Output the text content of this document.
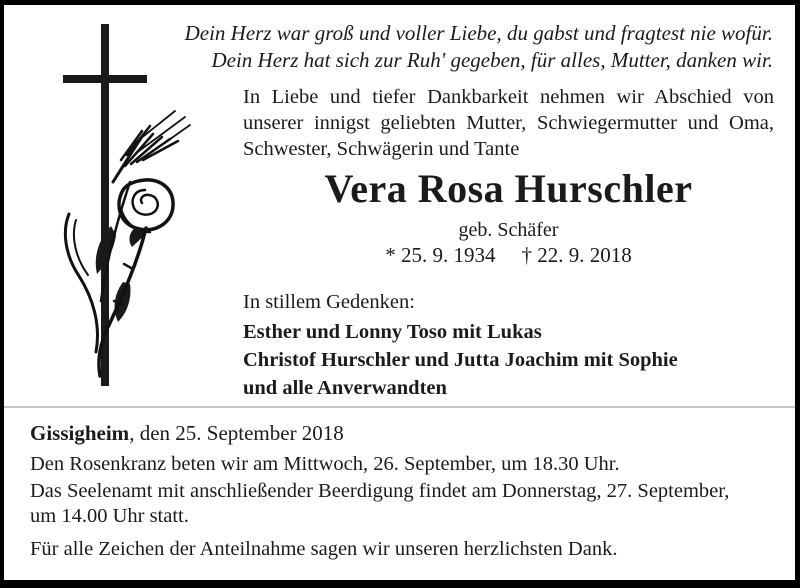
Dein Herz war groß und voller Liebe, du gabst und fragtest nie wofür.
Dein Herz hat sich zur Ruh' gegeben, für alles, Mutter, danken wir.
In Liebe und tiefer Dankbarkeit nehmen wir Abschied von
unserer innigst geliebten Mutter, Schwiegermutter und Oma,
Schwester, Schwägerin und Tante
Vera Rosa Hurschler
geb. Schäfer
* 25. 9. 1934 † 22. 9. 2018
In stillem Gedenken:
Esther und Lonny Toso mit Lukas
Christof Hurschler und Jutta Joachim mit Sophie
und alle Anverwandten
Gissigheim, den 25. September 2018
Den Rosenkranz beten wir am Mittwoch, 26. September, um 18.30 Uhr.
Das Seelenamt mit anschließender Beerdigung findet am Donnerstag, 27. September,
um 14.00 Uhr statt.
Für alle Zeichen der Anteilnahme sagen wir unseren herzlichsten Dank.
